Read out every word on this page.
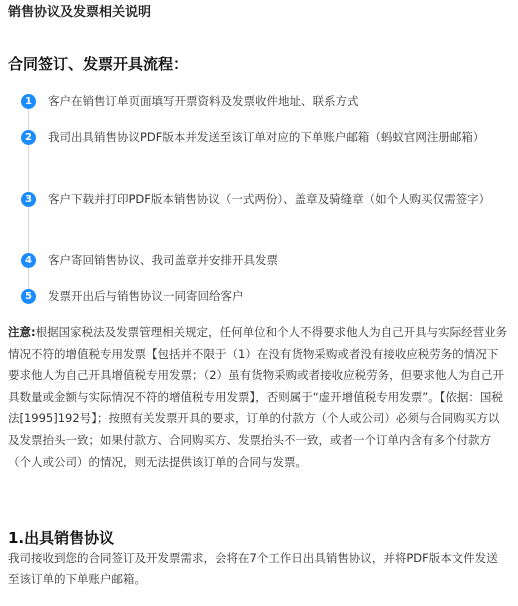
销售协议及发票相关说明
合同签订、发票开具流程：
1	客户在销售订单页面填写开票资料及发票收件地址、联系方式
2	我司出具销售协议PDF版本并发送至该订单对应的下单账户邮箱（蚂蚁官网注册邮箱）
3	客户下载并打印PDF版本销售协议（一式两份）、盖章及骑缝章（如个人购买仅需签字）
4	客户寄回销售协议、我司盖章并安排开具发票
5	发票开出后与销售协议一同寄回给客户
注意:根据国家税法及发票管理相关规定，任何单位和个人不得要求他人为自己开具与实际经营业务情况不符的增值税专用发票【包括并不限于（1）在没有货物采购或者没有接收应税劳务的情况下要求他人为自己开具增值税专用发票；（2）虽有货物采购或者接收应税劳务，但要求他人为自己开具数量或金额与实际情况不符的增值税专用发票】，否则属于“虚开增值税专用发票”。【依据：国税法[1995]192号】；按照有关发票开具的要求，订单的付款方（个人或公司）必须与合同购买方以及发票抬头一致；如果付款方、合同购买方、发票抬头不一致，或者一个订单内含有多个付款方（个人或公司）的情况，则无法提供该订单的合同与发票。
1.出具销售协议
我司接收到您的合同签订及开发票需求，会将在7个工作日出具销售协议，并将PDF版本文件发送至该订单的下单账户邮箱。
